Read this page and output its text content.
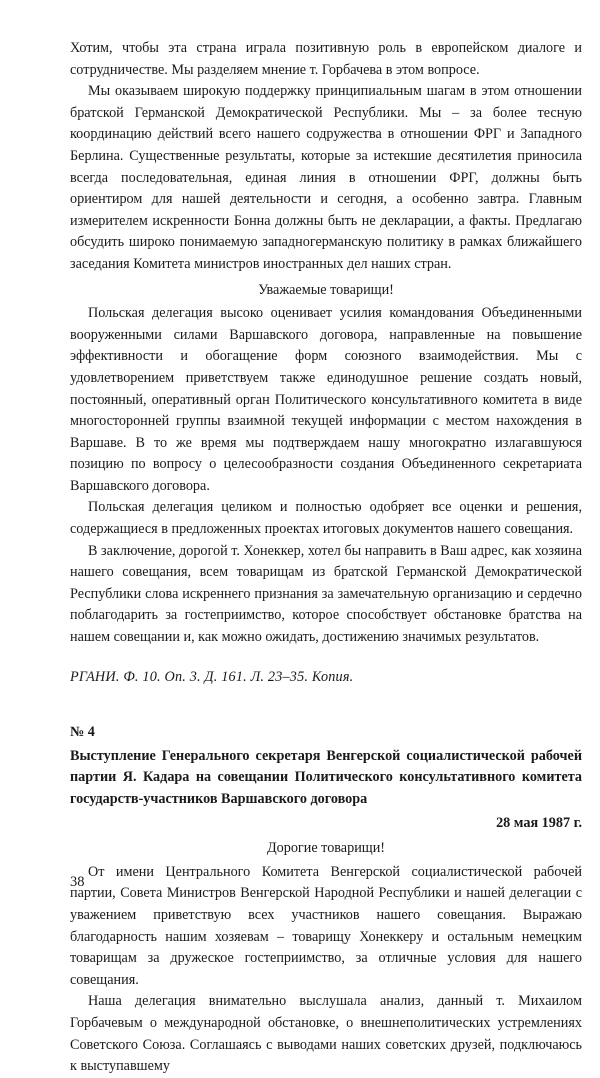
Хотим, чтобы эта страна играла позитивную роль в европейском диалоге и сотрудничестве. Мы разделяем мнение т. Горбачева в этом вопросе.

Мы оказываем широкую поддержку принципиальным шагам в этом отношении братской Германской Демократической Республики. Мы – за более тесную координацию действий всего нашего содружества в отношении ФРГ и Западного Берлина. Существенные результаты, которые за истекшие десятилетия приносила всегда последовательная, единая линия в отношении ФРГ, должны быть ориентиром для нашей деятельности и сегодня, а особенно завтра. Главным измерителем искренности Бонна должны быть не декларации, а факты. Предлагаю обсудить широко понимаемую западногерманскую политику в рамках ближайшего заседания Комитета министров иностранных дел наших стран.

Уважаемые товарищи!

Польская делегация высоко оценивает усилия командования Объединенными вооруженными силами Варшавского договора, направленные на повышение эффективности и обогащение форм союзного взаимодействия. Мы с удовлетворением приветствуем также единодушное решение создать новый, постоянный, оперативный орган Политического консультативного комитета в виде многосторонней группы взаимной текущей информации с местом нахождения в Варшаве. В то же время мы подтверждаем нашу многократно излагавшуюся позицию по вопросу о целесообразности создания Объединенного секретариата Варшавского договора.

Польская делегация целиком и полностью одобряет все оценки и решения, содержащиеся в предложенных проектах итоговых документов нашего совещания.

В заключение, дорогой т. Хонеккер, хотел бы направить в Ваш адрес, как хозяина нашего совещания, всем товарищам из братской Германской Демократической Республики слова искреннего признания за замечательную организацию и сердечно поблагодарить за гостеприимство, которое способствует обстановке братства на нашем совещании и, как можно ожидать, достижению значимых результатов.

РГАНИ. Ф. 10. Оп. 3. Д. 161. Л. 23–35. Копия.

№ 4

Выступление Генерального секретаря Венгерской социалистической рабочей партии Я. Кадара на совещании Политического консультативного комитета государств-участников Варшавского договора

28 мая 1987 г.

Дорогие товарищи!

От имени Центрального Комитета Венгерской социалистической рабочей партии, Совета Министров Венгерской Народной Республики и нашей делегации с уважением приветствую всех участников нашего совещания. Выражаю благодарность нашим хозяевам – товарищу Хонеккеру и остальным немецким товарищам за дружеское гостеприимство, за отличные условия для нашего совещания.

Наша делегация внимательно выслушала анализ, данный т. Михаилом Горбачевым о международной обстановке, о внешнеполитических устремлениях Советского Союза. Соглашаясь с выводами наших советских друзей, подключаюсь к выступавшему

38
